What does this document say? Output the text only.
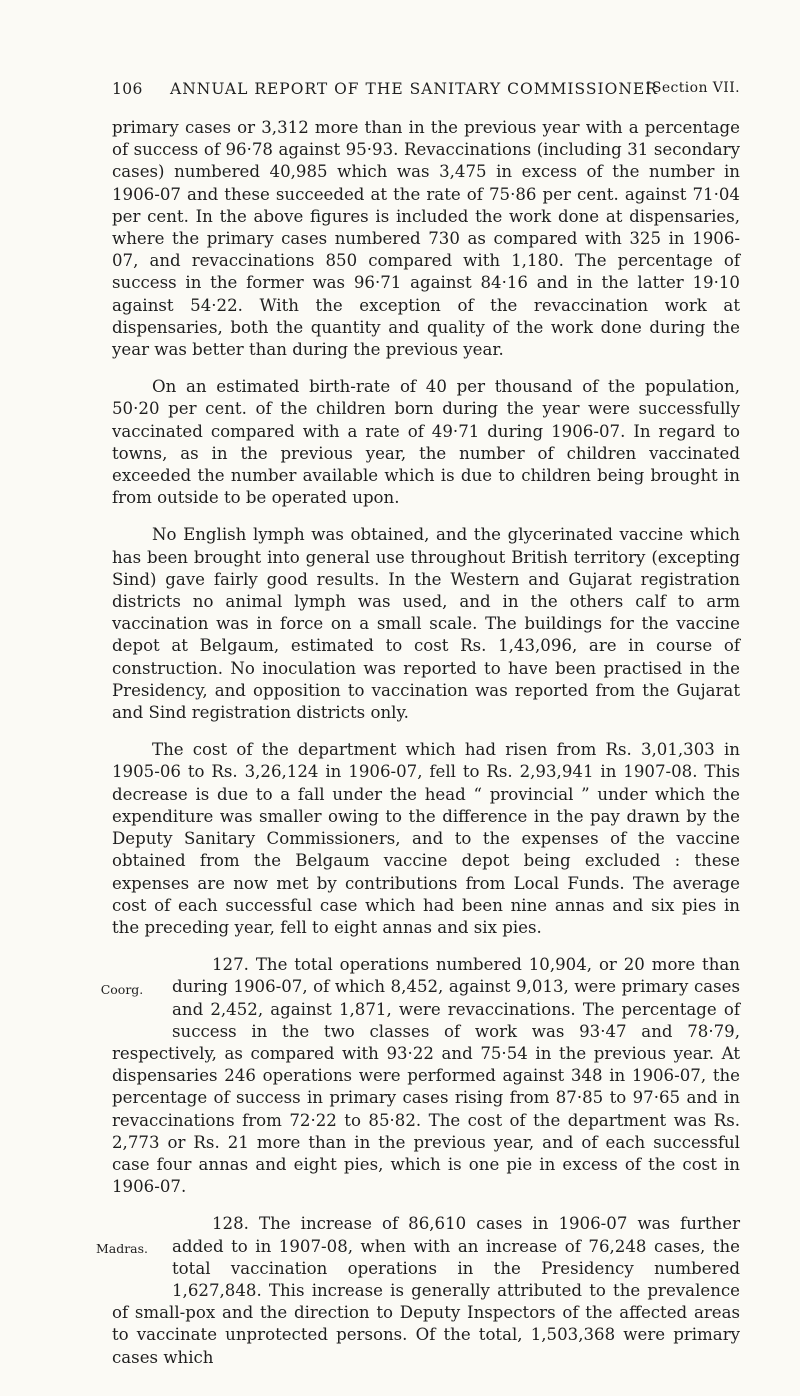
106 ANNUAL REPORT OF THE SANITARY COMMISSIONER
[Section VII.

primary cases or 3,312 more than in the previous year with a percentage of success of 96·78 against 95·93. Revaccinations (including 31 secondary cases) numbered 40,985 which was 3,475 in excess of the number in 1906-07 and these succeeded at the rate of 75·86 per cent. against 71·04 per cent. In the above figures is included the work done at dispensaries, where the primary cases numbered 730 as compared with 325 in 1906-07, and revaccinations 850 compared with 1,180. The percentage of success in the former was 96·71 against 84·16 and in the latter 19·10 against 54·22. With the exception of the revaccination work at dispensaries, both the quantity and quality of the work done during the year was better than during the previous year.

On an estimated birth-rate of 40 per thousand of the population, 50·20 per cent. of the children born during the year were successfully vaccinated compared with a rate of 49·71 during 1906-07. In regard to towns, as in the previous year, the number of children vaccinated exceeded the number available which is due to children being brought in from outside to be operated upon.

No English lymph was obtained, and the glycerinated vaccine which has been brought into general use throughout British territory (excepting Sind) gave fairly good results. In the Western and Gujarat registration districts no animal lymph was used, and in the others calf to arm vaccination was in force on a small scale. The buildings for the vaccine depot at Belgaum, estimated to cost Rs. 1,43,096, are in course of construction. No inoculation was reported to have been practised in the Presidency, and opposition to vaccination was reported from the Gujarat and Sind registration districts only.

The cost of the department which had risen from Rs. 3,01,303 in 1905-06 to Rs. 3,26,124 in 1906-07, fell to Rs. 2,93,941 in 1907-08. This decrease is due to a fall under the head “ provincial ” under which the expenditure was smaller owing to the difference in the pay drawn by the Deputy Sanitary Commissioners, and to the expenses of the vaccine obtained from the Belgaum vaccine depot being excluded : these expenses are now met by contributions from Local Funds. The average cost of each successful case which had been nine annas and six pies in the preceding year, fell to eight annas and six pies.

Coorg.
127. The total operations numbered 10,904, or 20 more than during 1906-07, of which 8,452, against 9,013, were primary cases and 2,452, against 1,871, were revaccinations. The percentage of success in the two classes of work was 93·47 and 78·79, respectively, as compared with 93·22 and 75·54 in the previous year. At dispensaries 246 operations were performed against 348 in 1906-07, the percentage of success in primary cases rising from 87·85 to 97·65 and in revaccinations from 72·22 to 85·82. The cost of the department was Rs. 2,773 or Rs. 21 more than in the previous year, and of each successful case four annas and eight pies, which is one pie in excess of the cost in 1906-07.

Madras.
128. The increase of 86,610 cases in 1906-07 was further added to in 1907-08, when with an increase of 76,248 cases, the total vaccination operations in the Presidency numbered 1,627,848. This increase is generally attributed to the prevalence of small-pox and the direction to Deputy Inspectors of the affected areas to vaccinate unprotected persons. Of the total, 1,503,368 were primary cases which
